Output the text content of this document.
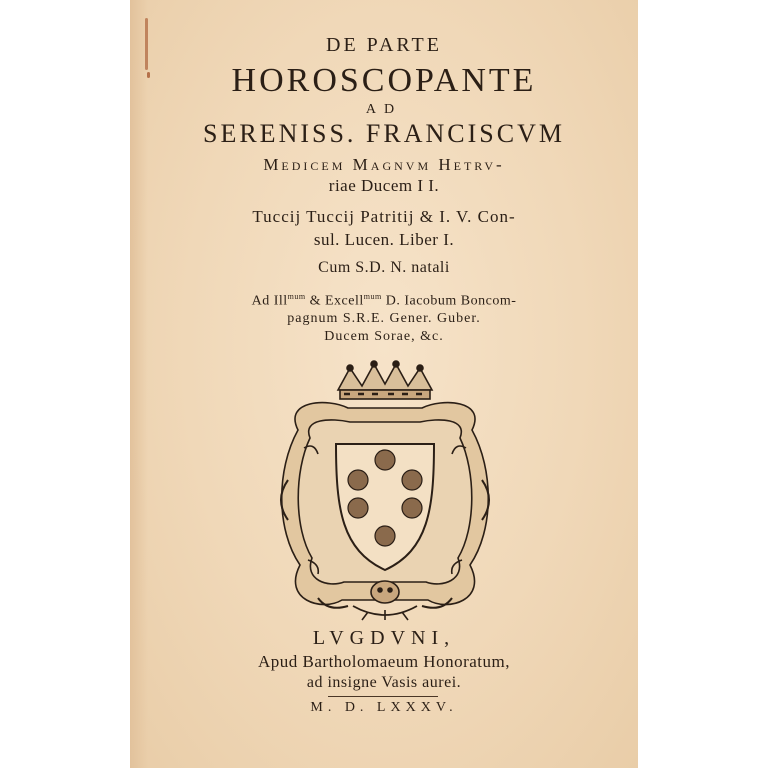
DE PARTE
HOROSCOPANTE
AD
SERENISS. FRANCISCVM
Medicem Magnvm Hetrv-
riae Ducem I I.
Tuccij Tuccij Patritij & I. V. Con-
sul. Lucen. Liber I.
Cum S.D. N. natali
Ad Ill$^{mum}$ & Excell$^{mum}$ D. Iacobum Boncom-
pagnum S.R.E. Gener. Guber.
Ducem Sorae, &c.
LVGDVNI,
Apud Bartholomaeum Honoratum,
ad insigne Vasis aurei.
M. D. LXXXV.
